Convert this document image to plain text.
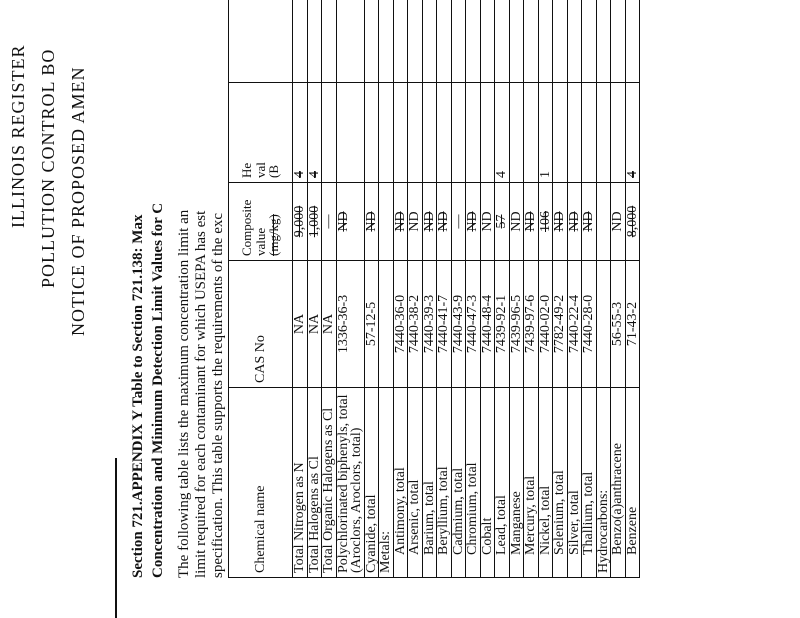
ILLINOIS REGISTER POLLUTION CONTROL BO NOTICE OF PROPOSED AMEN
Section 721.APPENDIX Y Table to Section 721.138: Max Concentration and Minimum Detection Limit Values for C The following table lists the maximum concentration limit an limit required for each contaminant for which USEPA has est specification. This table supports the requirements of the exc Chemical name	CAS No	Composite
value
(mg/kg)	He
val
(B	
Total Nitrogen as N	NA	9,000	4	
Total Halogens as Cl	NA	1,000	4	
Total Organic Halogens as Cl	NA	—		
Polychlorinated biphenyls, total (Aroclors, Aroclors, total)	1336-36-3	ND		
Cyanide, total	57-12-5	ND		
Metals:				
Antimony, total	7440-36-0	ND		
Arsenic, total	7440-38-2	ND		
Barium, total	7440-39-3	ND		
Beryllium, total	7440-41-7	ND		
Cadmium, total	7440-43-9	—		
Chromium, total	7440-47-3	ND		
Cobalt	7440-48-4	ND		
Lead, total	7439-92-1	57	4	
Manganese	7439-96-5	ND		
Mercury, total	7439-97-6	ND		
Nickel, total	7440-02-0	106	1	
Selenium, total	7782-49-2	ND		
Silver, total	7440-22-4	ND		
Thallium, total	7440-28-0	ND		
Hydrocarbons:				
Benzo(a)anthracene	56-55-3	ND		
Benzene	71-43-2	8,000	4	
